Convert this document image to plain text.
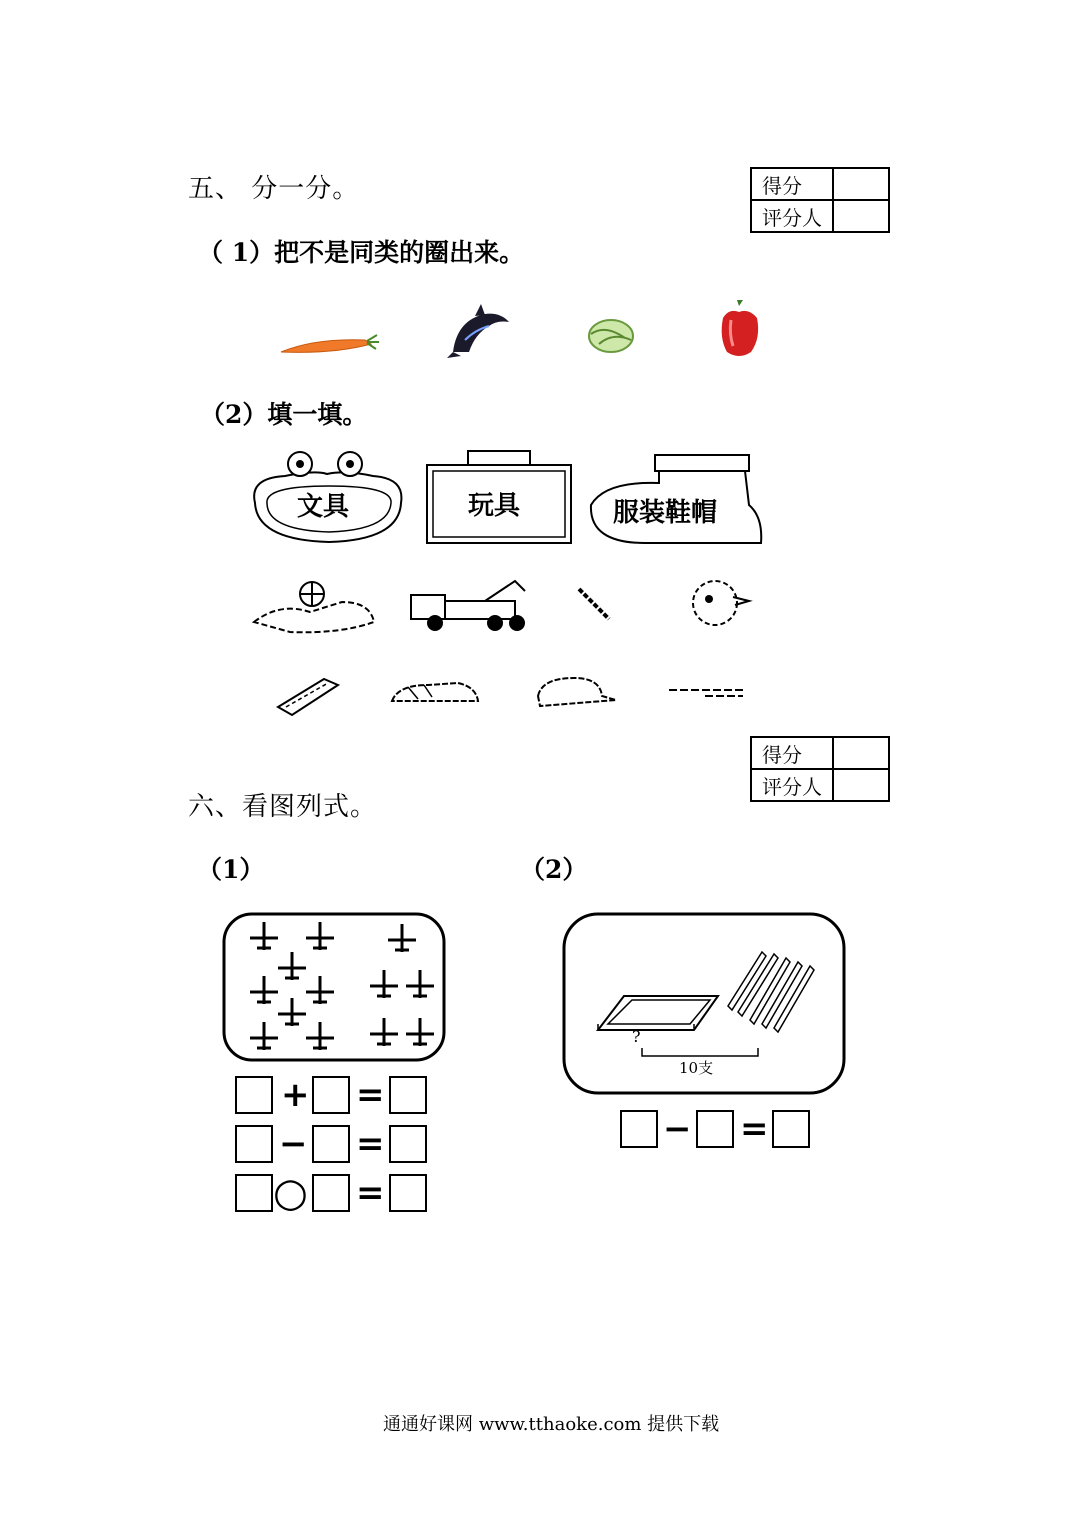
五、 分一分。	得分	
评分人	
（ 1）把不是同类的圈出来。
（2）填一填。
文具	玩具	服装鞋帽
得分	
评分人	
六、看图列式。
（1）	（2）
+ =
− =
○ =
?
10支
− =
通通好课网 www.tthaoke.com 提供下载
